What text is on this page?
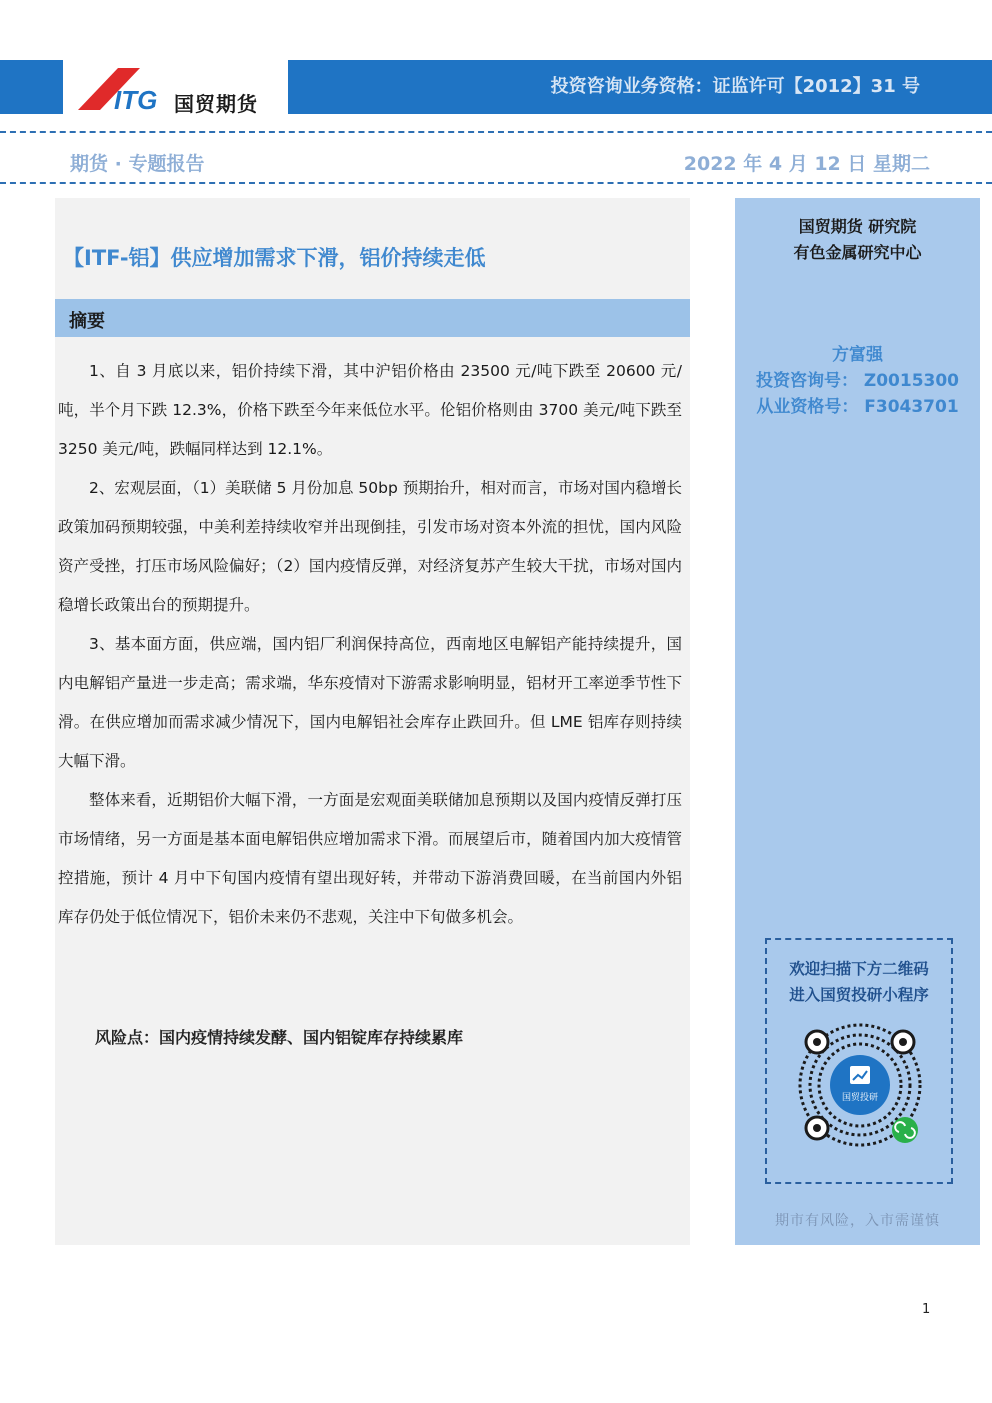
ITG 国贸期货
投资咨询业务资格：证监许可【2012】31 号
期货 · 专题报告	2022 年 4 月 12 日 星期二
【ITF-铝】供应增加需求下滑，铝价持续走低
摘要

1、自 3 月底以来，铝价持续下滑，其中沪铝价格由 23500 元/吨下跌至 20600 元/吨，半个月下跌 12.3%，价格下跌至今年来低位水平。伦铝价格则由 3700 美元/吨下跌至 3250 美元/吨，跌幅同样达到 12.1%。

2、宏观层面，（1）美联储 5 月份加息 50bp 预期抬升，相对而言，市场对国内稳增长政策加码预期较强，中美利差持续收窄并出现倒挂，引发市场对资本外流的担忧，国内风险资产受挫，打压市场风险偏好；（2）国内疫情反弹，对经济复苏产生较大干扰，市场对国内稳增长政策出台的预期提升。

3、基本面方面，供应端，国内铝厂利润保持高位，西南地区电解铝产能持续提升，国内电解铝产量进一步走高；需求端，华东疫情对下游需求影响明显，铝材开工率逆季节性下滑。在供应增加而需求减少情况下，国内电解铝社会库存止跌回升。但 LME 铝库存则持续大幅下滑。

整体来看，近期铝价大幅下滑，一方面是宏观面美联储加息预期以及国内疫情反弹打压市场情绪，另一方面是基本面电解铝供应增加需求下滑。而展望后市，随着国内加大疫情管控措施，预计 4 月中下旬国内疫情有望出现好转，并带动下游消费回暖，在当前国内外铝库存仍处于低位情况下，铝价未来仍不悲观，关注中下旬做多机会。

风险点：国内疫情持续发酵、国内铝锭库存持续累库
国贸期货 研究院
有色金属研究中心
方富强
投资咨询号： Z0015300
从业资格号： F3043701
欢迎扫描下方二维码
进入国贸投研小程序
国贸投研
期市有风险，入市需谨慎
1
